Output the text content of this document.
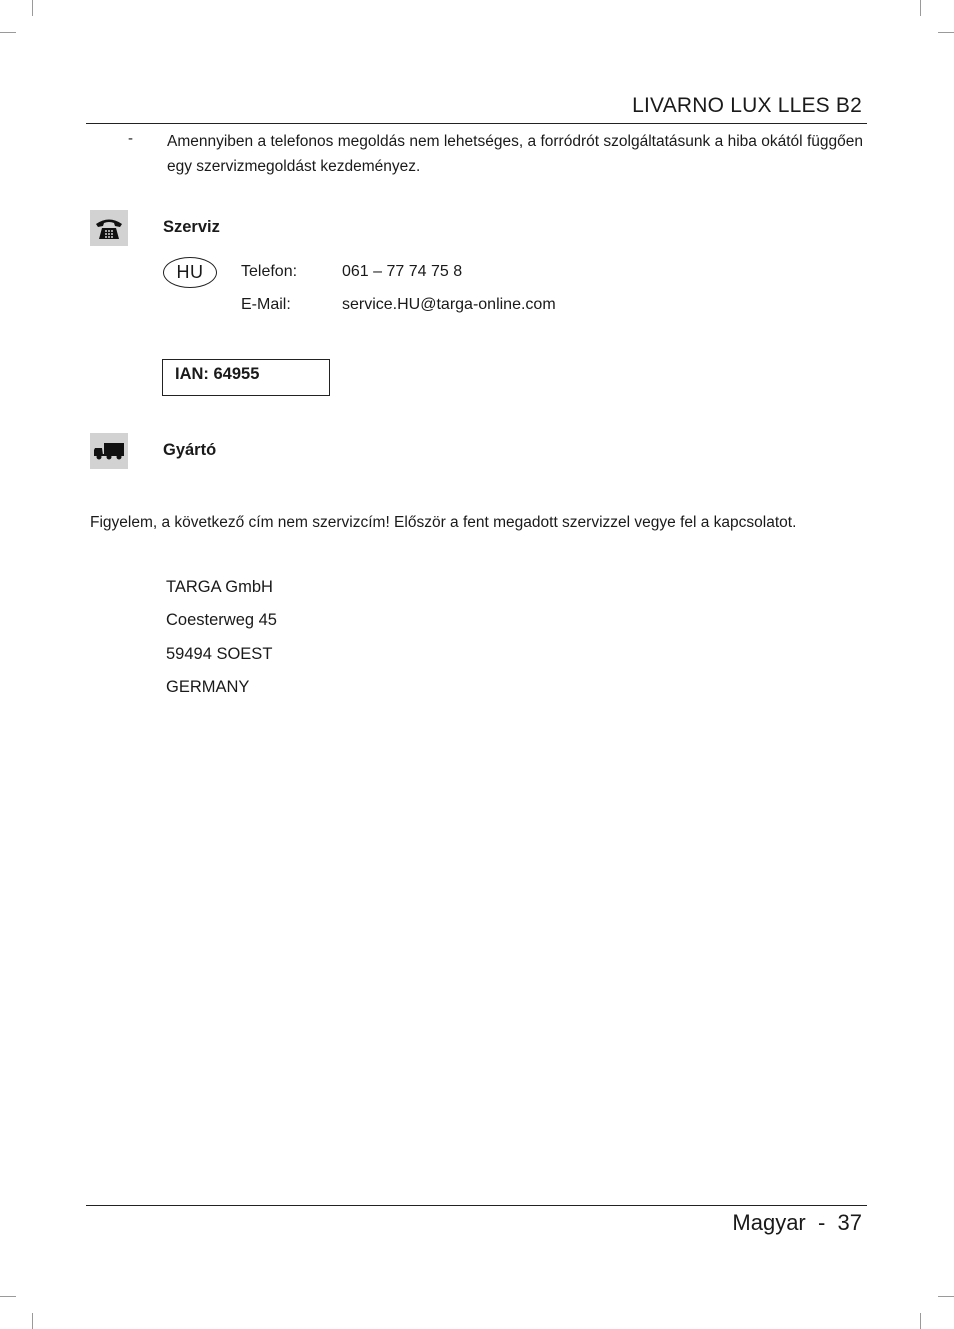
LIVARNO LUX LLES B2
- Amennyiben a telefonos megoldás nem lehetséges, a forródrót szolgáltatásunk a hiba okától függően egy szervizmegoldást kezdeményez.
Szerviz
HU	Telefon:	061 – 77 74 75 8
E-Mail:	service.HU@targa-online.com
IAN: 64955
Gyártó
Figyelem, a következő cím nem szervizcím! Először a fent megadott szervizzel vegye fel a kapcsolatot.
TARGA GmbH
Coesterweg 45
59494 SOEST
GERMANY
Magyar  -  37
